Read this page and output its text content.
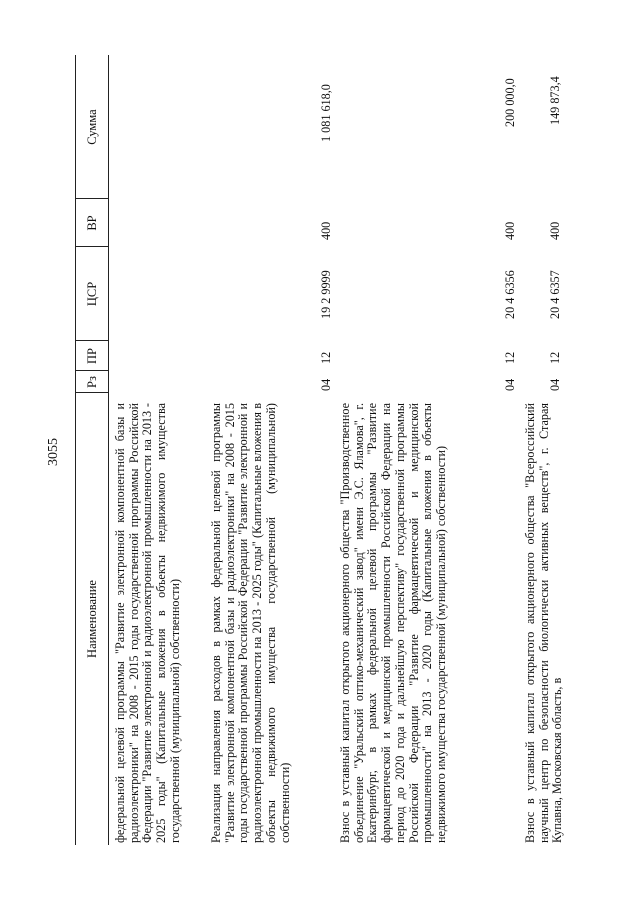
3055
Наименование
Рз
ПР
ЦСР
ВР
Сумма
федеральной целевой программы "Развитие электронной компонентной базы и радиоэлектроники" на 2008 - 2015 годы государственной программы Российской Федерации "Развитие электронной и радиоэлектронной промышленности на 2013 - 2025 годы" (Капитальные вложения в объекты недвижимого имущества государственной (муниципальной) собственности) Реализация направления расходов в рамках федеральной целевой программы "Развитие электронной компонентной базы и радиоэлектроники" на 2008 - 2015 годы государственной программы Российской Федерации "Развитие электронной и радиоэлектронной промышленности на 2013 - 2025 годы" (Капитальные вложения в объекты недвижимого имущества государственной (муниципальной) собственности)
04
12
19 2 9999
400
1 081 618,0
Взнос в уставный капитал открытого акционерного общества "Производственное объединение "Уральский оптико-механический завод" имени Э.С. Яламова", г. Екатеринбург, в рамках федеральной целевой программы "Развитие фармацевтической и медицинской промышленности Российской Федерации на период до 2020 года и дальнейшую перспективу" государственной программы Российской Федерации "Развитие фармацевтической и медицинской промышленности" на 2013 - 2020 годы (Капитальные вложения в объекты недвижимого имущества государственной (муниципальной) собственности)
04
12
20 4 6356
400
200 000,0
Взнос в уставный капитал открытого акционерного общества "Всероссийский научный центр по безопасности биологически активных веществ", г. Старая Купавна, Московская область, в
04
12
20 4 6357
400
149 873,4
